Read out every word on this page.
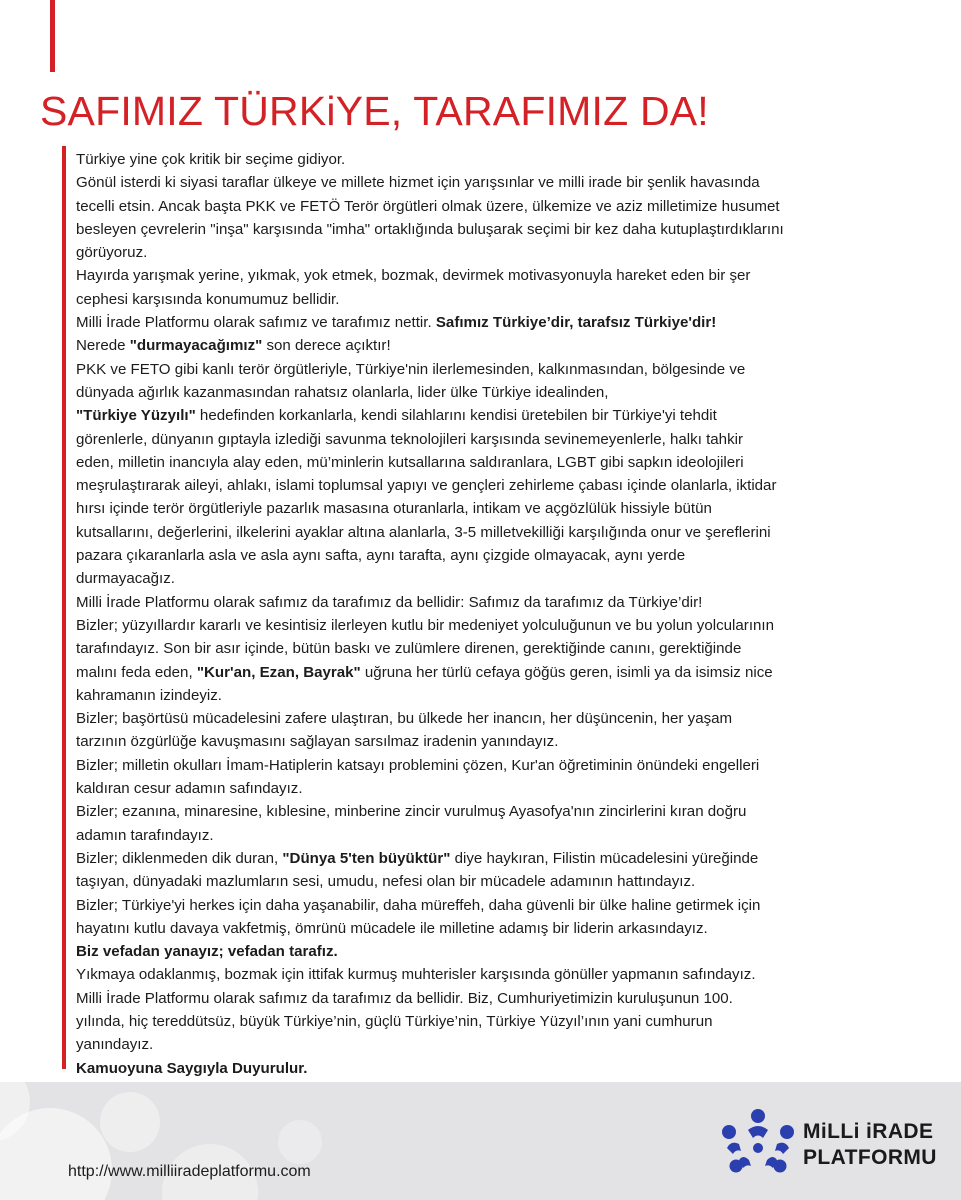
SAFIMIZ TÜRKiYE, TARAFIMIZ DA!

Türkiye yine çok kritik bir seçime gidiyor.

Gönül isterdi ki siyasi taraflar ülkeye ve millete hizmet için yarışsınlar ve milli irade bir şenlik havasında

tecelli etsin. Ancak başta PKK ve FETÖ Terör örgütleri olmak üzere, ülkemize ve aziz milletimize husumet

besleyen çevrelerin "inşa" karşısında "imha" ortaklığında buluşarak seçimi bir kez daha kutuplaştırdıklarını

görüyoruz.

Hayırda yarışmak yerine, yıkmak, yok etmek, bozmak, devirmek motivasyonuyla hareket eden bir şer

cephesi karşısında konumumuz bellidir.

Milli İrade Platformu olarak safımız ve tarafımız nettir. Safımız Türkiye’dir, tarafsız Türkiye'dir!

Nerede "durmayacağımız" son derece açıktır!

PKK ve FETO gibi kanlı terör örgütleriyle, Türkiye'nin ilerlemesinden, kalkınmasından, bölgesinde ve

dünyada ağırlık kazanmasından rahatsız olanlarla, lider ülke Türkiye idealinden,

"Türkiye Yüzyılı" hedefinden korkanlarla, kendi silahlarını kendisi üretebilen bir Türkiye'yi tehdit

görenlerle, dünyanın gıptayla izlediği savunma teknolojileri karşısında sevinemeyenlerle, halkı tahkir

eden, milletin inancıyla alay eden, mü’minlerin kutsallarına saldıranlara, LGBT gibi sapkın ideolojileri

meşrulaştırarak aileyi, ahlakı, islami toplumsal yapıyı ve gençleri zehirleme çabası içinde olanlarla, iktidar

hırsı içinde terör örgütleriyle pazarlık masasına oturanlarla, intikam ve açgözlülük hissiyle bütün

kutsallarını, değerlerini, ilkelerini ayaklar altına alanlarla, 3-5 milletvekilliği karşılığında onur ve şereflerini

pazara çıkaranlarla asla ve asla aynı safta, aynı tarafta, aynı çizgide olmayacak, aynı yerde

durmayacağız.

Milli İrade Platformu olarak safımız da tarafımız da bellidir: Safımız da tarafımız da Türkiye’dir!

Bizler; yüzyıllardır kararlı ve kesintisiz ilerleyen kutlu bir medeniyet yolculuğunun ve bu yolun yolcularının

tarafındayız. Son bir asır içinde, bütün baskı ve zulümlere direnen, gerektiğinde canını, gerektiğinde

malını feda eden, "Kur'an, Ezan, Bayrak" uğruna her türlü cefaya göğüs geren, isimli ya da isimsiz nice

kahramanın izindeyiz.

Bizler; başörtüsü mücadelesini zafere ulaştıran, bu ülkede her inancın, her düşüncenin, her yaşam

tarzının özgürlüğe kavuşmasını sağlayan sarsılmaz iradenin yanındayız.

Bizler; milletin okulları İmam-Hatiplerin katsayı problemini çözen, Kur'an öğretiminin önündeki engelleri

kaldıran cesur adamın safındayız.

Bizler; ezanına, minaresine, kıblesine, minberine zincir vurulmuş Ayasofya'nın zincirlerini kıran doğru

adamın tarafındayız.

Bizler; diklenmeden dik duran, "Dünya 5'ten büyüktür" diye haykıran, Filistin mücadelesini yüreğinde

taşıyan, dünyadaki mazlumların sesi, umudu, nefesi olan bir mücadele adamının hattındayız.

Bizler; Türkiye'yi herkes için daha yaşanabilir, daha müreffeh, daha güvenli bir ülke haline getirmek için

hayatını kutlu davaya vakfetmiş, ömrünü mücadele ile milletine adamış bir liderin arkasındayız.

Biz vefadan yanayız; vefadan tarafız.

Yıkmaya odaklanmış, bozmak için ittifak kurmuş muhterisler karşısında gönüller yapmanın safındayız.

Milli İrade Platformu olarak safımız da tarafımız da bellidir. Biz, Cumhuriyetimizin kuruluşunun 100.

yılında, hiç tereddütsüz, büyük Türkiye’nin, güçlü Türkiye’nin, Türkiye Yüzyıl’ının yani cumhurun

yanındayız.

Kamuoyuna Saygıyla Duyurulur.

http://www.milliiradeplatformu.com
MiLLi iRADE
PLATFORMU
